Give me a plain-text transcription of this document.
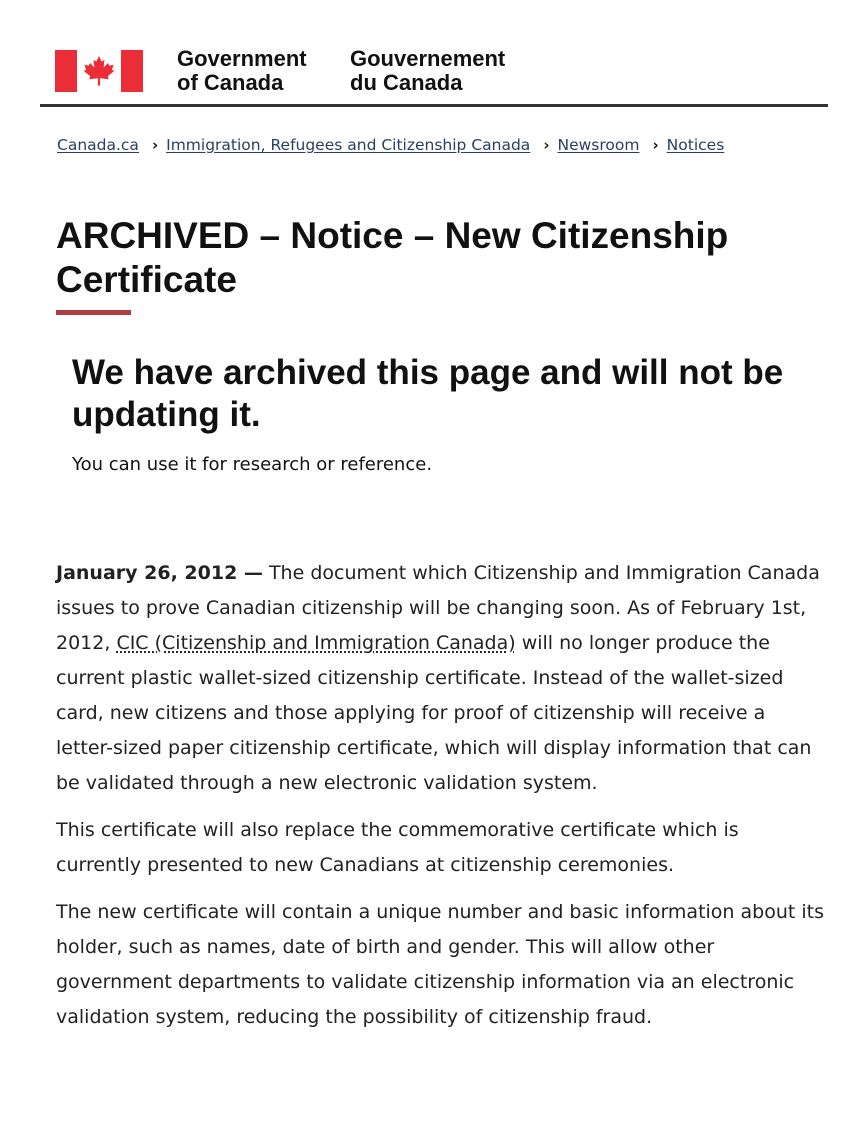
Government
of Canada
Gouvernement
du Canada
Canada.ca › Immigration, Refugees and Citizenship Canada › Newsroom › Notices
ARCHIVED – Notice – New Citizenship Certificate
We have archived this page and will not be updating it.

You can use it for research or reference.

January 26, 2012 — The document which Citizenship and Immigration Canada issues to prove Canadian citizenship will be changing soon. As of February 1st, 2012, CIC (Citizenship and Immigration Canada) will no longer produce the current plastic wallet-sized citizenship certificate. Instead of the wallet-sized card, new citizens and those applying for proof of citizenship will receive a letter-sized paper citizenship certificate, which will display information that can be validated through a new electronic validation system.

This certificate will also replace the commemorative certificate which is currently presented to new Canadians at citizenship ceremonies.

The new certificate will contain a unique number and basic information about its holder, such as names, date of birth and gender. This will allow other government departments to validate citizenship information via an electronic validation system, reducing the possibility of citizenship fraud.
